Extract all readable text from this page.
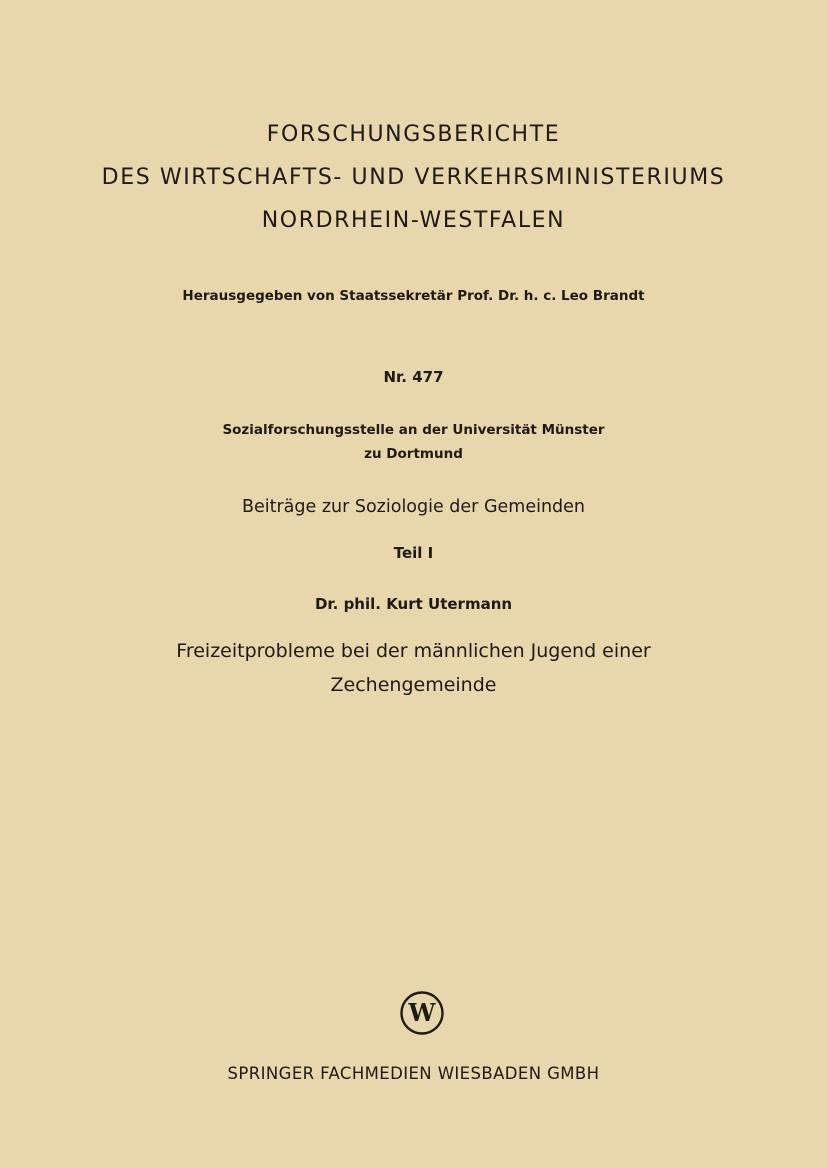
FORSCHUNGSBERICHTE
DES WIRTSCHAFTS- UND VERKEHRSMINISTERIUMS
NORDRHEIN-WESTFALEN
Herausgegeben von Staatssekretär Prof. Dr. h. c. Leo Brandt
Nr. 477
Sozialforschungsstelle an der Universität Münster
zu Dortmund
Beiträge zur Soziologie der Gemeinden
Teil I
Dr. phil. Kurt Utermann
Freizeitprobleme bei der männlichen Jugend einer
Zechengemeinde
W
SPRINGER FACHMEDIEN WIESBADEN GMBH
